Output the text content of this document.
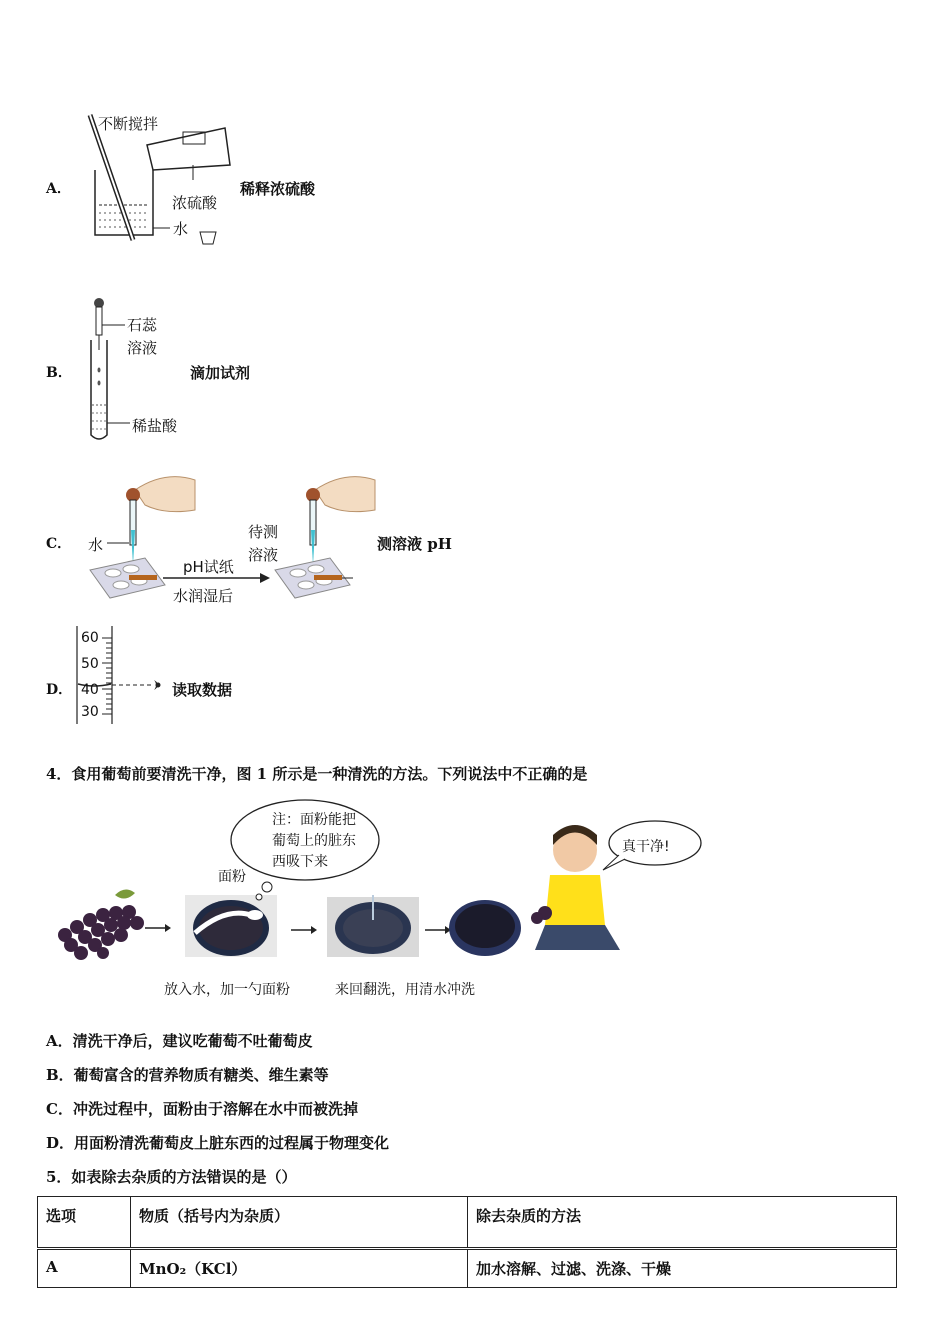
A．
不断搅拌
浓硫酸
水
稀释浓硫酸
B．
石蕊
溶液
稀盐酸
滴加试剂
C． 水
pH试纸
水润湿后
待测
溶液
测溶液 pH
D．
60
50
40
30
读取数据
4．食用葡萄前要清洗干净，图 1 所示是一种清洗的方法。下列说法中不正确的是
注：面粉能把
葡萄上的脏东
西吸下来
面粉
真干净!
放入水，加一勺面粉	来回翻洗，用清水冲洗
A．清洗干净后，建议吃葡萄不吐葡萄皮
B．葡萄富含的营养物质有糖类、维生素等
C．冲洗过程中，面粉由于溶解在水中而被洗掉
D．用面粉清洗葡萄皮上脏东西的过程属于物理变化
5．如表除去杂质的方法错误的是（）
选项	物质（括号内为杂质）	除去杂质的方法
A	MnO₂（KCl）	加水溶解、过滤、洗涤、干燥
